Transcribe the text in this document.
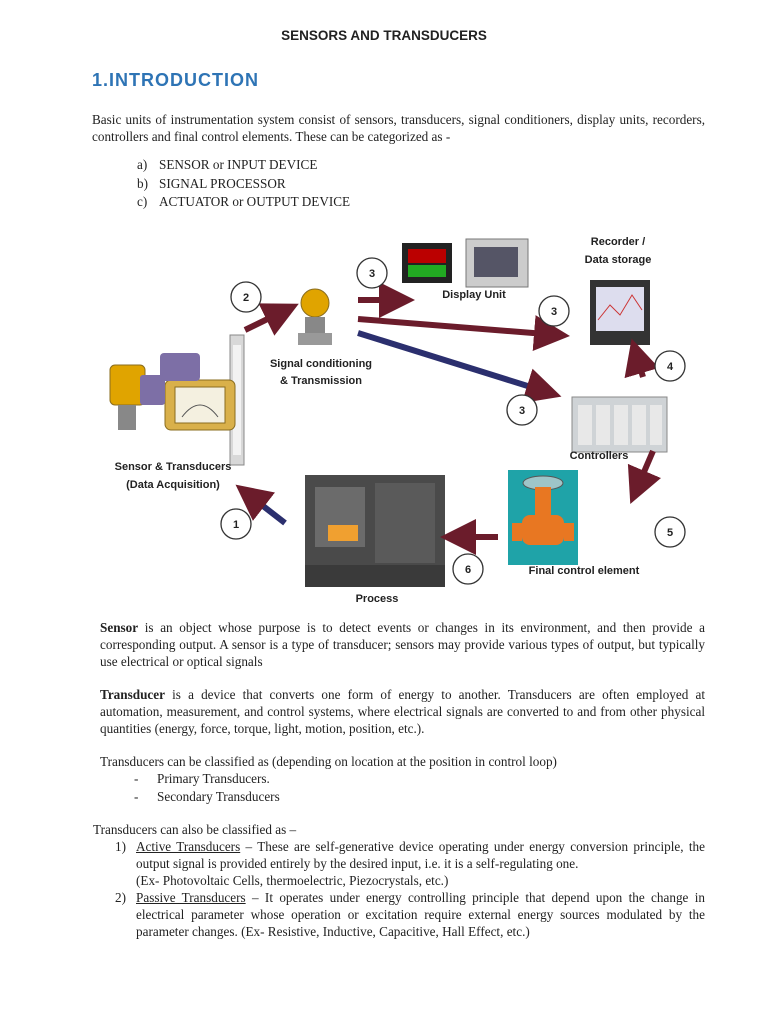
SENSORS AND TRANSDUCERS
1.INTRODUCTION
Basic units of instrumentation system consist of sensors, transducers, signal conditioners, display units, recorders, controllers and final control elements. These can be categorized as -
a) SENSOR or INPUT DEVICE
b) SIGNAL PROCESSOR
c) ACTUATOR or OUTPUT DEVICE
1
2
3
3
3
4
5
6
Sensor & Transducers
(Data Acquisition)
Signal conditioning
& Transmission
Display Unit
Recorder /
Data storage
Controllers
Final control element
Process
Sensor is an object whose purpose is to detect events or changes in its environment, and then provide a corresponding output. A sensor is a type of transducer; sensors may provide various types of output, but typically use electrical or optical signals
Transducer is a device that converts one form of energy to another. Transducers are often employed at automation, measurement, and control systems, where electrical signals are converted to and from other physical quantities (energy, force, torque, light, motion, position, etc.).
Transducers can be classified as (depending on location at the position in control loop)
- Primary Transducers.
- Secondary Transducers
Transducers can also be classified as –
1) Active Transducers – These are self-generative device operating under energy conversion principle, the output signal is provided entirely by the desired input, i.e. it is a self-regulating one.
(Ex- Photovoltaic Cells, thermoelectric, Piezocrystals, etc.)
2) Passive Transducers – It operates under energy controlling principle that depend upon the change in electrical parameter whose operation or excitation require external energy sources modulated by the parameter changes. (Ex- Resistive, Inductive, Capacitive, Hall Effect, etc.)
